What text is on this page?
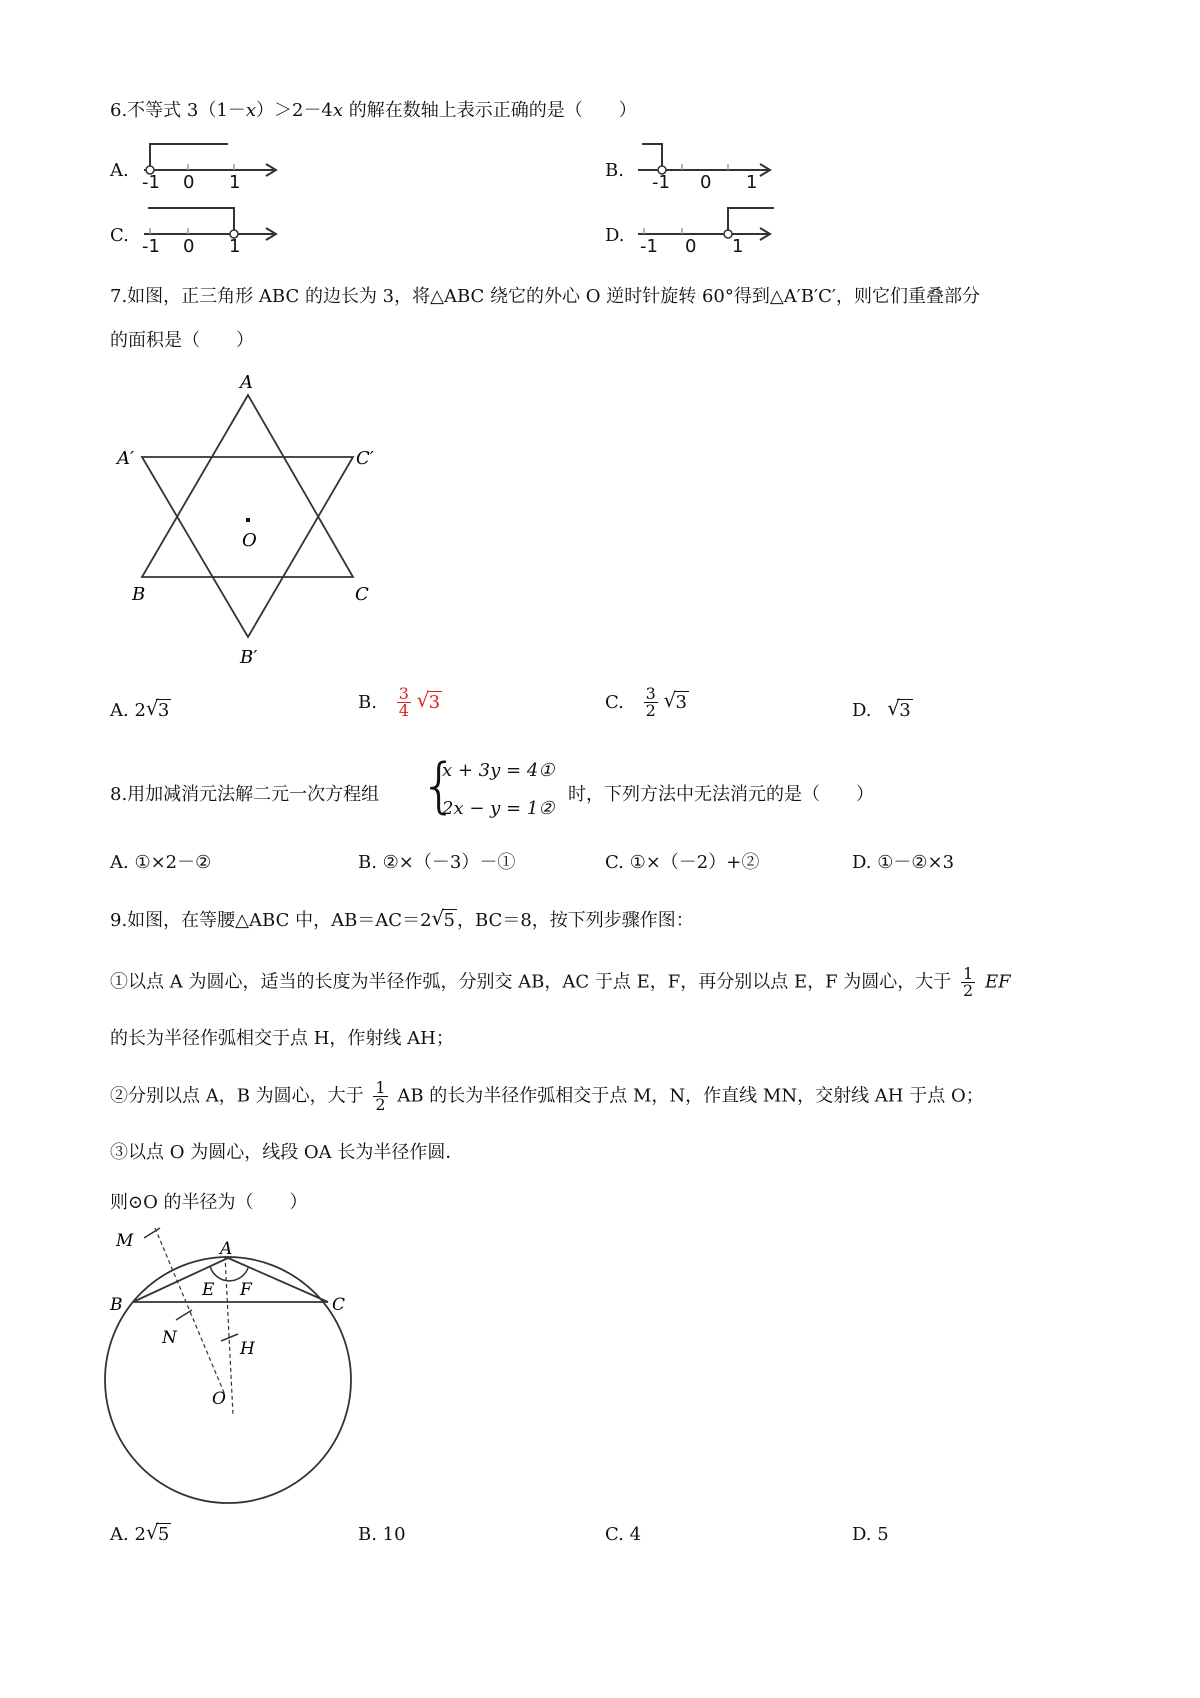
6.不等式 3（1－x）＞2－4x 的解在数轴上表示正确的是（　　）
A.
-1 0 1
B.
-1 0 1
C.
-1 0 1
D.
-1 0 1
7.如图，正三角形 ABC 的边长为 3，将△ABC 绕它的外心 O 逆时针旋转 60°得到△A′B′C′，则它们重叠部分
的面积是（　　）
A
A′	C′
O
B	C
B′
A. 2 √ 3	B. $\frac{3}{4}$
√ 3	C. $\frac{3}{2}$
√ 3	D. √ 3
8.用加减消元法解二元一次方程组 {
x + 3y = 4①
2x − y = 1②
时，下列方法中无法消元的是（　　）
A. ①×2－②	B. ②×（－3）－①	C. ①×（－2）+②	D. ①－②×3
9.如图，在等腰△ABC 中，AB＝AC＝2 √ 5 ，BC＝8，按下列步骤作图：
①以点 A 为圆心，适当的长度为半径作弧，分别交 AB，AC 于点 E，F，再分别以点 E，F 为圆心，大于 $\frac{1}{2}$ EF
的长为半径作弧相交于点 H，作射线 AH；
②分别以点 A，B 为圆心，大于 $\frac{1}{2}$ AB 的长为半径作弧相交于点 M，N，作直线 MN，交射线 AH 于点 O；
③以点 O 为圆心，线段 OA 长为半径作圆．
则⊙O 的半径为（　　）
M	A
E F
B	C
N
H
O
A. 2 √ 5	B. 10	C. 4	D. 5
